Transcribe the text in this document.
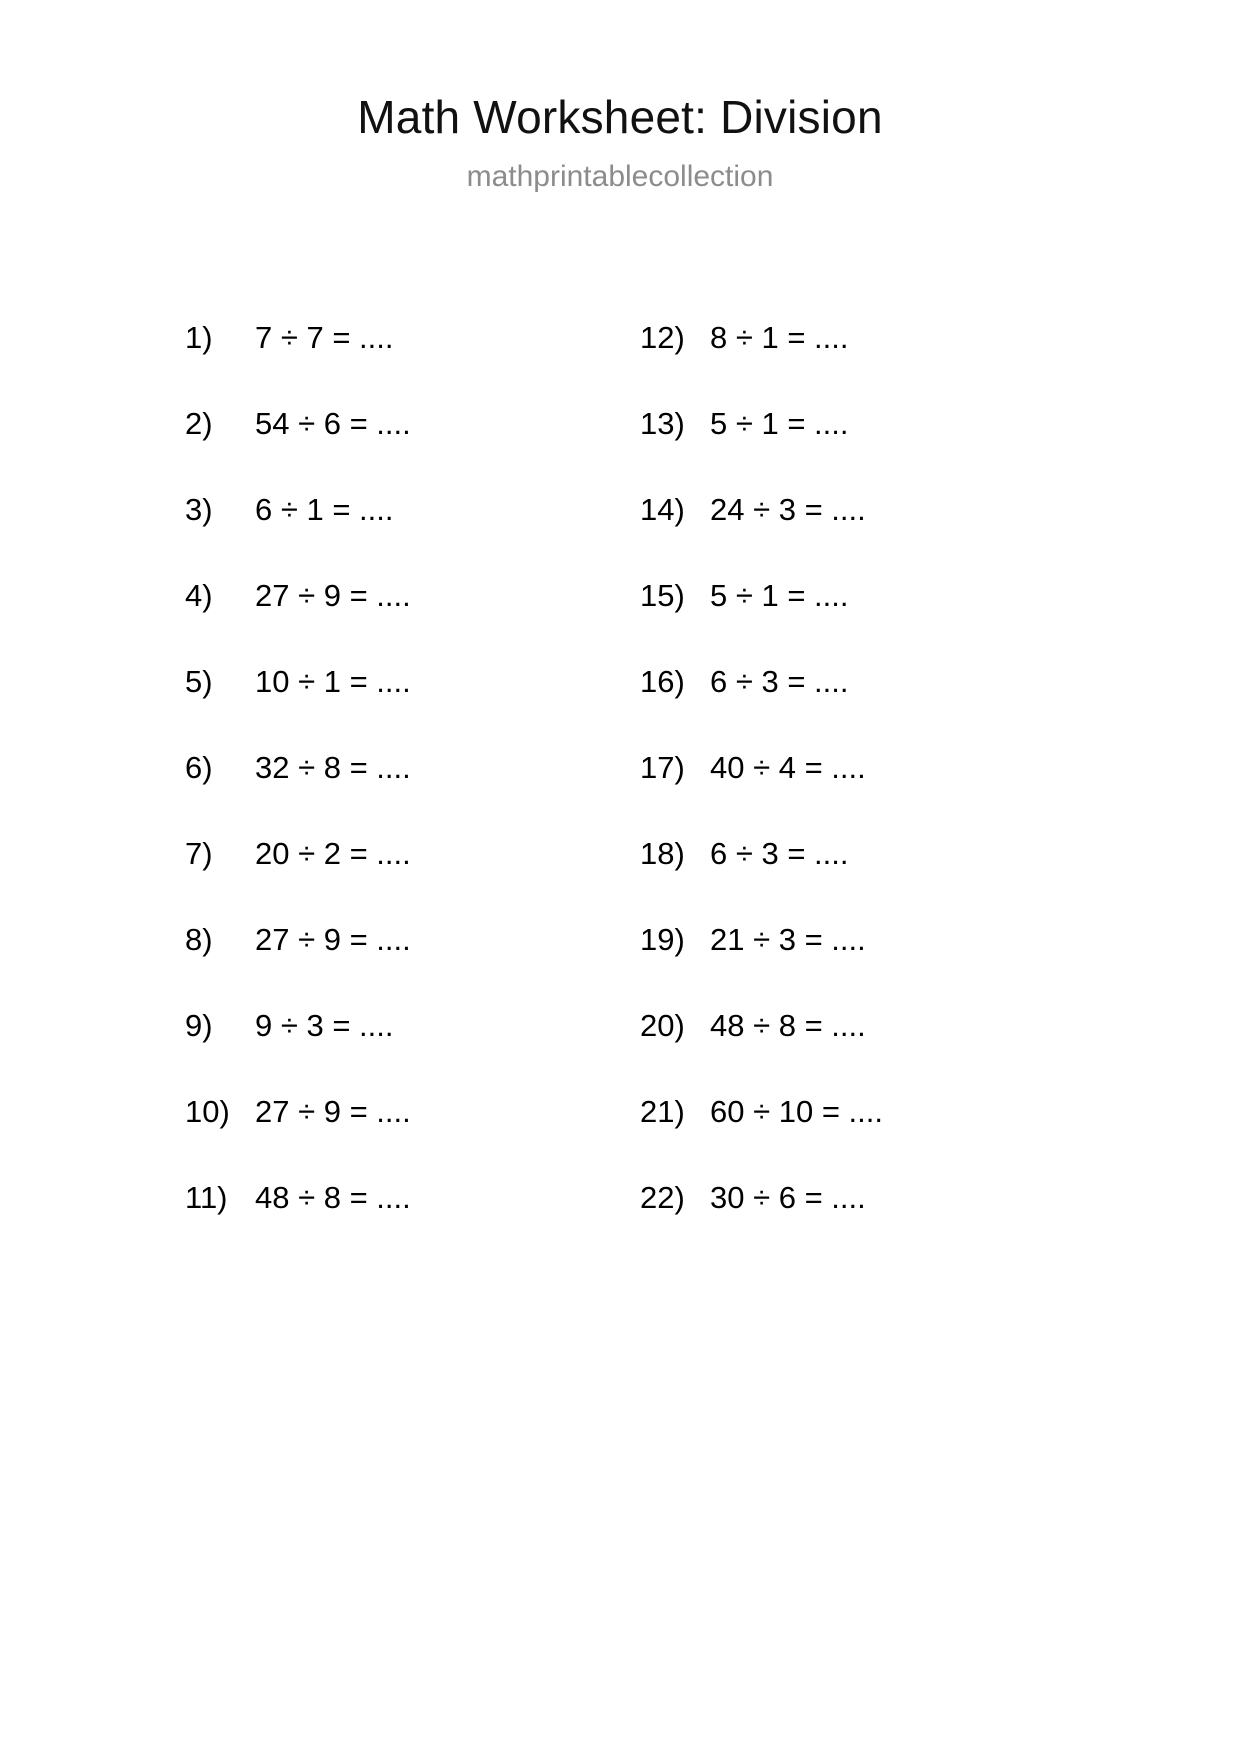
Math Worksheet: Division
mathprintablecollection
1)	7 ÷ 7 = ....
2)	54 ÷ 6 = ....
3)	6 ÷ 1 = ....
4)	27 ÷ 9 = ....
5)	10 ÷ 1 = ....
6)	32 ÷ 8 = ....
7)	20 ÷ 2 = ....
8)	27 ÷ 9 = ....
9)	9 ÷ 3 = ....
10) 27 ÷ 9 = ....
11) 48 ÷ 8 = ....
12) 8 ÷ 1 = ....
13) 5 ÷ 1 = ....
14) 24 ÷ 3 = ....
15) 5 ÷ 1 = ....
16) 6 ÷ 3 = ....
17) 40 ÷ 4 = ....
18) 6 ÷ 3 = ....
19) 21 ÷ 3 = ....
20) 48 ÷ 8 = ....
21) 60 ÷ 10 = ....
22) 30 ÷ 6 = ....
